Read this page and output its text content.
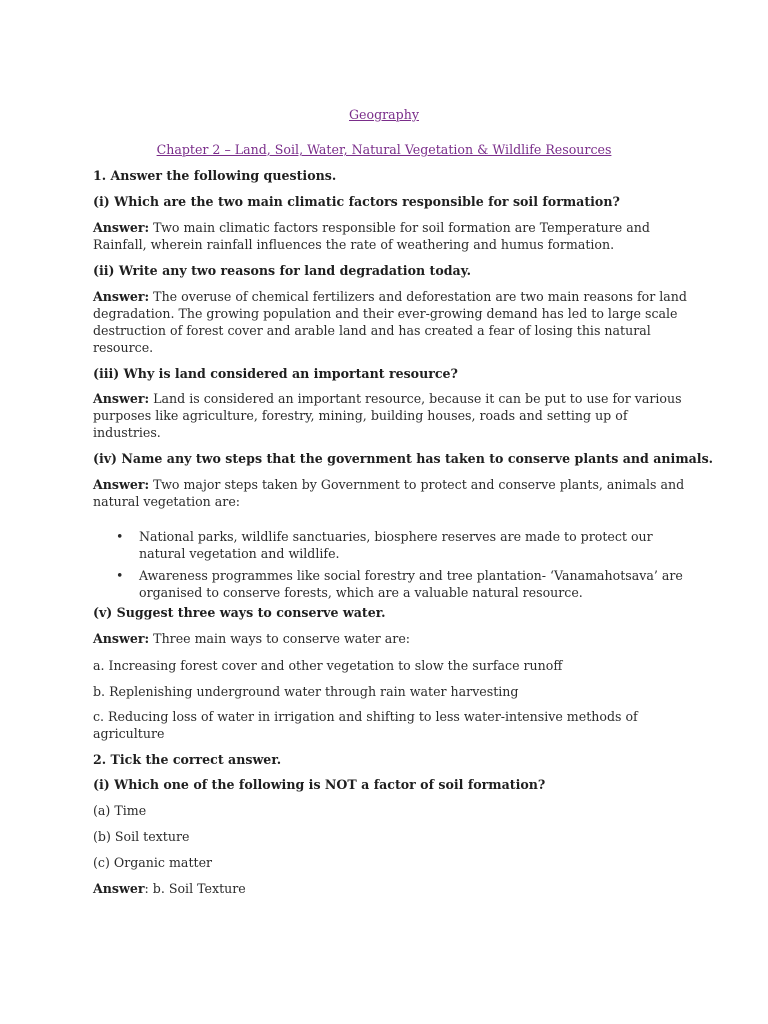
Geography

Chapter 2 – Land, Soil, Water, Natural Vegetation & Wildlife Resources

1. Answer the following questions.

(i) Which are the two main climatic factors responsible for soil formation?

Answer: Two main climatic factors responsible for soil formation are Temperature and

Rainfall, wherein rainfall influences the rate of weathering and humus formation.

(ii) Write any two reasons for land degradation today.

Answer: The overuse of chemical fertilizers and deforestation are two main reasons for land

degradation. The growing population and their ever-growing demand has led to large scale

destruction of forest cover and arable land and has created a fear of losing this natural

resource.

(iii) Why is land considered an important resource?

Answer: Land is considered an important resource, because it can be put to use for various

purposes like agriculture, forestry, mining, building houses, roads and setting up of

industries.

(iv) Name any two steps that the government has taken to conserve plants and animals.

Answer: Two major steps taken by Government to protect and conserve plants, animals and

natural vegetation are:

• National parks, wildlife sanctuaries, biosphere reserves are made to protect our

natural vegetation and wildlife.

• Awareness programmes like social forestry and tree plantation- ‘Vanamahotsava’ are

organised to conserve forests, which are a valuable natural resource.

(v) Suggest three ways to conserve water.

Answer: Three main ways to conserve water are:

a. Increasing forest cover and other vegetation to slow the surface runoff

b. Replenishing underground water through rain water harvesting

c. Reducing loss of water in irrigation and shifting to less water-intensive methods of

agriculture

2. Tick the correct answer.

(i) Which one of the following is NOT a factor of soil formation?

(a) Time

(b) Soil texture

(c) Organic matter

Answer: b. Soil Texture
